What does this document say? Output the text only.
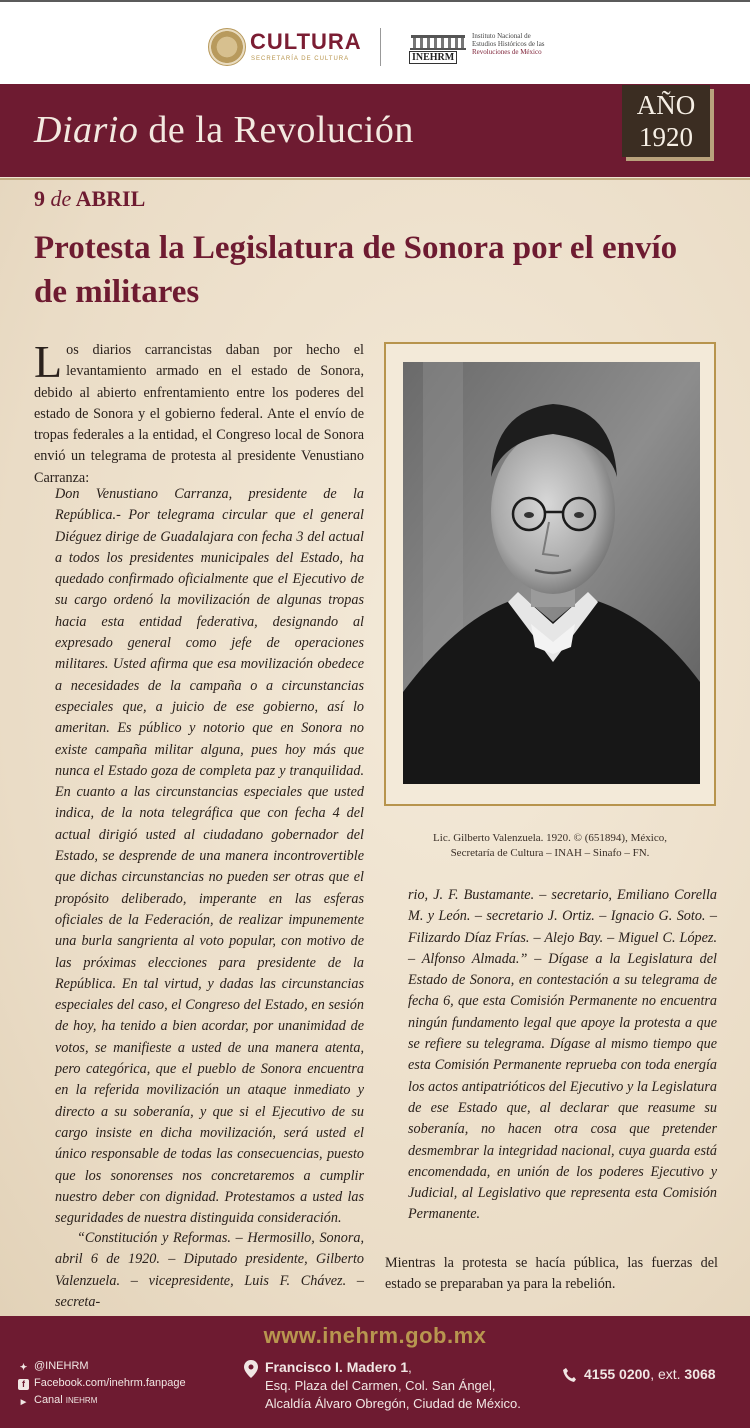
CULTURA
SECRETARÍA DE CULTURA	INEHRM
Instituto Nacional de
Estudios Históricos de las
Revoluciones de México
Diario de la Revolución
AÑO
1920
9 de ABRIL
Protesta la Legislatura de Sonora por el envío de militares
Los diarios carrancistas daban por hecho el levantamiento armado en el estado de Sonora, debido al abierto enfrentamiento entre los poderes del estado de Sonora y el gobierno federal. Ante el envío de tropas federales a la entidad, el Congreso local de Sonora envió un telegrama de protesta al presidente Venustiano Carranza:
Don Venustiano Carranza, presidente de la República.- Por telegrama circular que el general Diéguez dirige de Guadalajara con fecha 3 del actual a todos los presidentes municipales del Estado, ha quedado confirmado oficialmente que el Ejecutivo de su cargo ordenó la movilización de algunas tropas hacia esta entidad federativa, designando al expresado general como jefe de operaciones militares. Usted afirma que esa movilización obedece a necesidades de la campaña o a circunstancias especiales que, a juicio de ese gobierno, así lo ameritan. Es público y notorio que en Sonora no existe campaña militar alguna, pues hoy más que nunca el Estado goza de completa paz y tranquilidad. En cuanto a las circunstancias especiales que usted indica, de la nota telegráfica que con fecha 4 del actual dirigió usted al ciudadano gobernador del Estado, se desprende de una manera incontrovertible que dichas circunstancias no pueden ser otras que el propósito deliberado, imperante en las esferas oficiales de la Federación, de realizar impunemente una burla sangrienta al voto popular, con motivo de las próximas elecciones para presidente de la República. En tal virtud, y dadas las circunstancias especiales del caso, el Congreso del Estado, en sesión de hoy, ha tenido a bien acordar, por unanimidad de votos, se manifieste a usted de una manera atenta, pero categórica, que el pueblo de Sonora encuentra en la referida movilización un ataque inmediato y directo a su soberanía, y que si el Ejecutivo de su cargo insiste en dicha movilización, será usted el único responsable de todas las consecuencias, puesto que los sonorenses nos concretaremos a cumplir nuestro deber con dignidad. Protestamos a usted las seguridades de nuestra distinguida consideración.
“Constitución y Reformas. – Hermosillo, Sonora, abril 6 de 1920. – Diputado presidente, Gilberto Valenzuela. – vicepresidente, Luis F. Chávez. – secreta-
rio, J. F. Bustamante. – secretario, Emiliano Corella M. y León. – secretario J. Ortiz. – Ignacio G. Soto. – Filizardo Díaz Frías. – Alejo Bay. – Miguel C. López. – Alfonso Almada.” – Dígase a la Legislatura del Estado de Sonora, en contestación a su telegrama de fecha 6, que esta Comisión Permanente no encuentra ningún fundamento legal que apoye la protesta a que se refiere su telegrama. Dígase al mismo tiempo que esta Comisión Permanente reprueba con toda energía los actos antipatrióticos del Ejecutivo y la Legislatura de ese Estado que, al declarar que reasume su soberanía, no hacen otra cosa que pretender desmembrar la integridad nacional, cuya guarda está encomendada, en unión de los poderes Ejecutivo y Judicial, al Legislativo que representa esta Comisión Permanente.
Mientras la protesta se hacía pública, las fuerzas del estado se preparaban ya para la rebelión.
Lic. Gilberto Valenzuela. 1920. © (651894), México,
Secretaría de Cultura – INAH – Sinafo – FN.
www.inehrm.gob.mx
✦ @INEHRM
f Facebook.com/inehrm.fanpage
▶ Canal INEHRM
Francisco I. Madero 1,
Esq. Plaza del Carmen, Col. San Ángel,
Alcaldía Álvaro Obregón, Ciudad de México.
4155 0200, ext. 3068
